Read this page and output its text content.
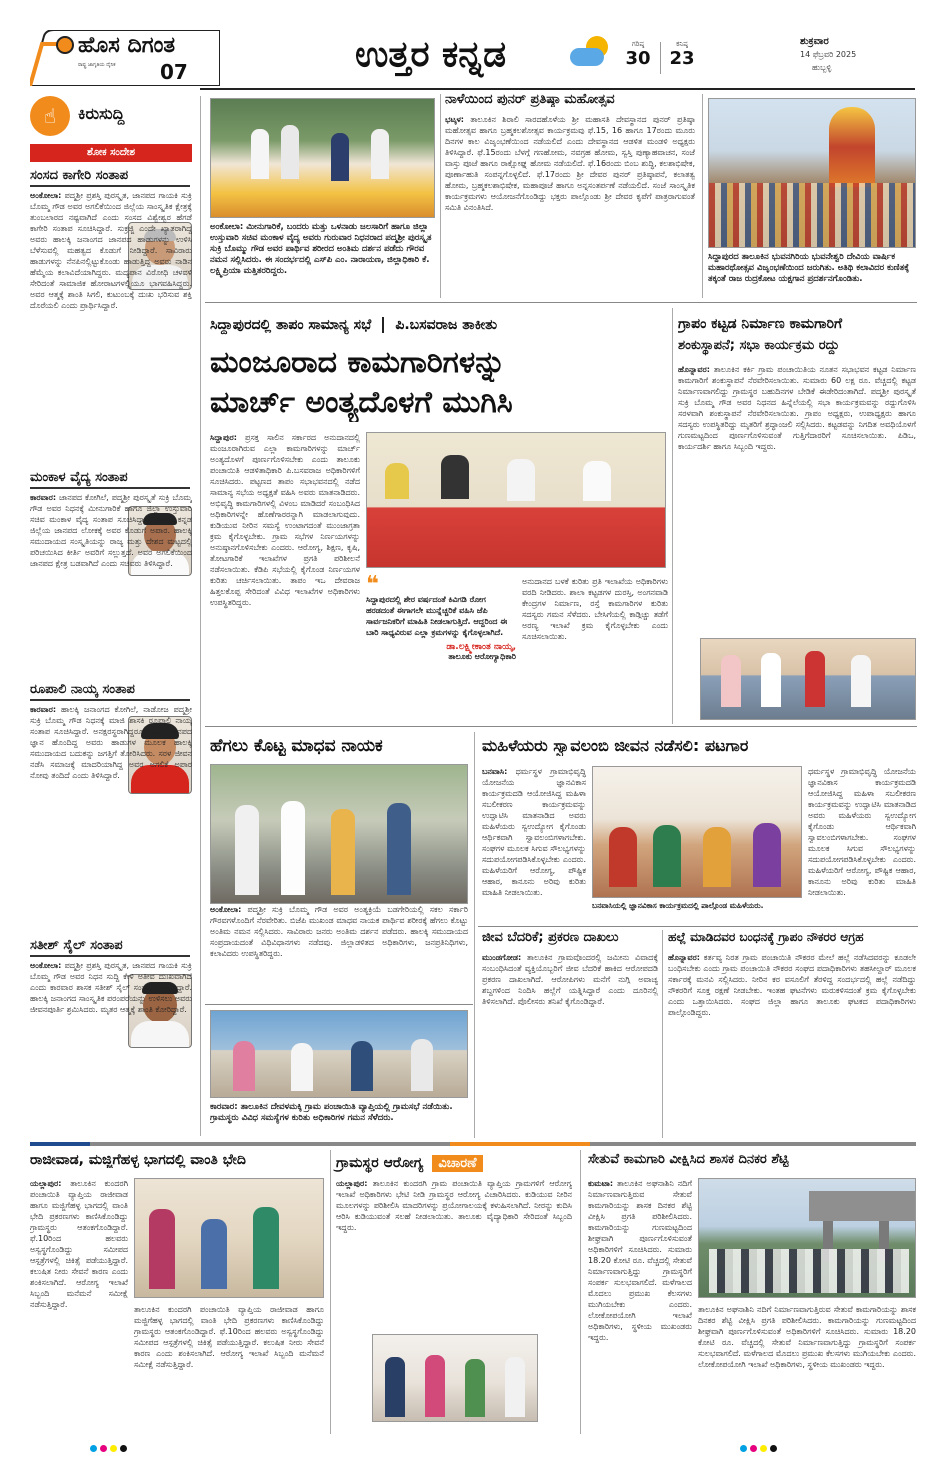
ಹೊಸ ದಿಗಂತ
ರಾಷ್ಟ್ರ ಜಾಗೃತಿಯ ದೈನಿಕ 07	ಉತ್ತರ ಕನ್ನಡ	ಗರಿಷ್ಠ
30
ಕನಿಷ್ಠ
23
ಶುಕ್ರವಾರ
14 ಫೆಬ್ರವರಿ 2025
ಹುಬ್ಬಳ್ಳಿ
☝	ಕಿರುಸುದ್ದಿ
ಶೋಕ ಸಂದೇಶ
ಸಂಸದ ಕಾಗೇರಿ ಸಂತಾಪ
ಅಂಕೋಲಾ: ಪದ್ಮಶ್ರೀ ಪ್ರಶಸ್ತಿ ಪುರಸ್ಕೃತ, ಜಾನಪದ ಗಾಯಕಿ ಸುಕ್ರಿ ಬೊಮ್ಮ ಗೌಡ ಅವರ ಅಗಲಿಕೆಯಿಂದ ಜಿಲ್ಲೆಯ ಸಾಂಸ್ಕೃತಿಕ ಕ್ಷೇತ್ರಕ್ಕೆ ತುಂಬಲಾರದ ನಷ್ಟವಾಗಿದೆ ಎಂದು ಸಂಸದ ವಿಶ್ವೇಶ್ವರ ಹೆಗಡೆ ಕಾಗೇರಿ ಸಂತಾಪ ಸೂಚಿಸಿದ್ದಾರೆ. ಸುಕ್ರಜ್ಜಿ ಎಂದೇ ಖ್ಯಾತರಾಗಿದ್ದ ಅವರು ಹಾಲಕ್ಕಿ ಜನಾಂಗದ ಜಾನಪದ ಹಾಡುಗಳನ್ನು ಉಳಿಸಿ ಬೆಳೆಸುವಲ್ಲಿ ಮಹತ್ವದ ಕೊಡುಗೆ ನೀಡಿದ್ದಾರೆ. ಸಾವಿರಾರು ಹಾಡುಗಳನ್ನು ನೆನಪಿನಲ್ಲಿಟ್ಟುಕೊಂಡು ಹಾಡುತ್ತಿದ್ದ ಅವರು ನಾಡಿನ ಹೆಮ್ಮೆಯ ಕಲಾವಿದೆಯಾಗಿದ್ದರು. ಮದ್ಯಪಾನ ವಿರೋಧಿ ಚಳವಳಿ ಸೇರಿದಂತೆ ಸಾಮಾಜಿಕ ಹೋರಾಟಗಳಲ್ಲಿಯೂ ಭಾಗವಹಿಸಿದ್ದರು. ಅವರ ಆತ್ಮಕ್ಕೆ ಶಾಂತಿ ಸಿಗಲಿ, ಕುಟುಂಬಕ್ಕೆ ದುಃಖ ಭರಿಸುವ ಶಕ್ತಿ ದೊರೆಯಲಿ ಎಂದು ಪ್ರಾರ್ಥಿಸಿದ್ದಾರೆ.
ಮಂಕಾಳ ವೈದ್ಯ ಸಂತಾಪ
ಕಾರವಾರ: ಜಾನಪದ ಕೋಗಿಲೆ, ಪದ್ಮಶ್ರೀ ಪುರಸ್ಕೃತೆ ಸುಕ್ರಿ ಬೊಮ್ಮ ಗೌಡ ಅವರ ನಿಧನಕ್ಕೆ ಮೀನುಗಾರಿಕೆ ಹಾಗೂ ಜಿಲ್ಲಾ ಉಸ್ತುವಾರಿ ಸಚಿವ ಮಂಕಾಳ ವೈದ್ಯ ಸಂತಾಪ ಸೂಚಿಸಿದ್ದಾರೆ. ಉತ್ತರ ಕನ್ನಡ ಜಿಲ್ಲೆಯ ಜಾನಪದ ಲೋಕಕ್ಕೆ ಅವರ ಕೊಡುಗೆ ಅಪಾರ. ಹಾಲಕ್ಕಿ ಸಮುದಾಯದ ಸಂಸ್ಕೃತಿಯನ್ನು ರಾಜ್ಯ ಮತ್ತು ದೇಶದ ಮಟ್ಟದಲ್ಲಿ ಪರಿಚಯಿಸಿದ ಕೀರ್ತಿ ಅವರಿಗೆ ಸಲ್ಲುತ್ತದೆ. ಅವರ ಅಗಲಿಕೆಯಿಂದ ಜಾನಪದ ಕ್ಷೇತ್ರ ಬಡವಾಗಿದೆ ಎಂದು ಸಚಿವರು ತಿಳಿಸಿದ್ದಾರೆ.
ರೂಪಾಲಿ ನಾಯ್ಕ ಸಂತಾಪ
ಕಾರವಾರ: ಹಾಲಕ್ಕಿ ಜನಾಂಗದ ಕೋಗಿಲೆ, ನಾಡೋಜ ಪದ್ಮಶ್ರೀ ಸುಕ್ರಿ ಬೊಮ್ಮ ಗೌಡ ನಿಧನಕ್ಕೆ ಮಾಜಿ ಶಾಸಕಿ ರೂಪಾಲಿ ನಾಯ್ಕ ಸಂತಾಪ ಸೂಚಿಸಿದ್ದಾರೆ. ಅನಕ್ಷರಸ್ಥರಾಗಿದ್ದರೂ ಅಪಾರ ಜಾನಪದ ಜ್ಞಾನ ಹೊಂದಿದ್ದ ಅವರು ಹಾಡುಗಳ ಮೂಲಕ ಹಾಲಕ್ಕಿ ಸಮುದಾಯದ ಬದುಕನ್ನು ಜಗತ್ತಿಗೆ ತೋರಿಸಿದರು. ಸರಳ ಜೀವನ ನಡೆಸಿ ಸಮಾಜಕ್ಕೆ ಮಾದರಿಯಾಗಿದ್ದ ಅವರ ಅಗಲಿಕೆ ಅಪಾರ ನೋವು ತಂದಿದೆ ಎಂದು ತಿಳಿಸಿದ್ದಾರೆ.
ಸತೀಶ್ ಸೈಲ್ ಸಂತಾಪ
ಅಂಕೋಲಾ: ಪದ್ಮಶ್ರೀ ಪ್ರಶಸ್ತಿ ಪುರಸ್ಕೃತ, ಜಾನಪದ ಗಾಯಕಿ ಸುಕ್ರಿ ಬೊಮ್ಮ ಗೌಡ ಅವರ ನಿಧನ ಸುದ್ದಿ ಕೇಳಿ ಅತೀವ ದುಃಖವಾಗಿದೆ ಎಂದು ಕಾರವಾರ ಶಾಸಕ ಸತೀಶ್ ಸೈಲ್ ಸಂತಾಪ ಸೂಚಿಸಿದ್ದಾರೆ. ಹಾಲಕ್ಕಿ ಜನಾಂಗದ ಸಾಂಸ್ಕೃತಿಕ ಪರಂಪರೆಯನ್ನು ಉಳಿಸಲು ಅವರು ಜೀವನಪೂರ್ತಿ ಶ್ರಮಿಸಿದರು. ಮೃತರ ಆತ್ಮಕ್ಕೆ ಶಾಂತಿ ಕೋರಿದ್ದಾರೆ.
ಅಂಕೋಲಾ: ಮೀನುಗಾರಿಕೆ, ಬಂದರು ಮತ್ತು ಒಳನಾಡು ಜಲಸಾರಿಗೆ ಹಾಗೂ ಜಿಲ್ಲಾ ಉಸ್ತುವಾರಿ ಸಚಿವ ಮಂಕಾಳ ವೈದ್ಯ ಅವರು ಗುರುವಾರ ನಿಧನರಾದ ಪದ್ಮಶ್ರೀ ಪುರಸ್ಕೃತ ಸುಕ್ರಿ ಬೊಮ್ಮು ಗೌಡ ಅವರ ಪಾರ್ಥಿವ ಶರೀರದ ಅಂತಿಮ ದರ್ಶನ ಪಡೆದು ಗೌರವ ನಮನ ಸಲ್ಲಿಸಿದರು. ಈ ಸಂದರ್ಭದಲ್ಲಿ ಎಸ್‌ಪಿ ಎಂ. ನಾರಾಯಣ, ಜಿಲ್ಲಾಧಿಕಾರಿ ಕೆ. ಲಕ್ಷ್ಮಿಪ್ರಿಯಾ ಮತ್ತಿತರರಿದ್ದರು.
ನಾಳೆಯಿಂದ ಪುನರ್ ಪ್ರತಿಷ್ಠಾ ಮಹೋತ್ಸವ
ಭಟ್ಕಳ: ತಾಲೂಕಿನ ಶಿರಾಲಿ ಸಾರದಹೊಳೆಯ ಶ್ರೀ ಮಹಾಸತಿ ದೇವಸ್ಥಾನದ ಪುನರ್ ಪ್ರತಿಷ್ಠಾ ಮಹೋತ್ಸವ ಹಾಗೂ ಬ್ರಹ್ಮಕಲಶೋತ್ಸವ ಕಾರ್ಯಕ್ರಮವು ಫೆ.15, 16 ಹಾಗೂ 17ರಂದು ಮೂರು ದಿನಗಳ ಕಾಲ ವಿಜೃಂಭಣೆಯಿಂದ ನಡೆಯಲಿದೆ ಎಂದು ದೇವಸ್ಥಾನದ ಆಡಳಿತ ಮಂಡಳಿ ಅಧ್ಯಕ್ಷರು ತಿಳಿಸಿದ್ದಾರೆ. ಫೆ.15ರಂದು ಬೆಳಗ್ಗೆ ಗಣಹೋಮ, ನವಗ್ರಹ ಹೋಮ, ಸ್ವಸ್ತಿ ಪುಣ್ಯಾಹವಾಚನ, ಸಂಜೆ ವಾಸ್ತು ಪೂಜೆ ಹಾಗೂ ರಾಕ್ಷೋಘ್ನ ಹೋಮ ನಡೆಯಲಿದೆ. ಫೆ.16ರಂದು ಬಿಂಬ ಶುದ್ಧಿ, ಕಲಶಾಭಿಷೇಕ, ಪೂರ್ಣಾಹುತಿ ಸಂಪನ್ನಗೊಳ್ಳಲಿದೆ. ಫೆ.17ರಂದು ಶ್ರೀ ದೇವರ ಪುನರ್ ಪ್ರತಿಷ್ಠಾಪನೆ, ಕಲಾತತ್ವ ಹೋಮ, ಬ್ರಹ್ಮಕಲಶಾಭಿಷೇಕ, ಮಹಾಪೂಜೆ ಹಾಗೂ ಅನ್ನಸಂತರ್ಪಣೆ ನಡೆಯಲಿದೆ. ಸಂಜೆ ಸಾಂಸ್ಕೃತಿಕ ಕಾರ್ಯಕ್ರಮಗಳು ಆಯೋಜನೆಗೊಂಡಿದ್ದು ಭಕ್ತರು ಪಾಲ್ಗೊಂಡು ಶ್ರೀ ದೇವರ ಕೃಪೆಗೆ ಪಾತ್ರರಾಗುವಂತೆ ಸಮಿತಿ ವಿನಂತಿಸಿದೆ.
ಸಿದ್ದಾಪುರದ ತಾಲೂಕಿನ ಭುವನಗಿರಿಯ ಭುವನೇಶ್ವರಿ ದೇವಿಯ ವಾರ್ಷಿಕ ಮಹಾರಥೋತ್ಸವ ವಿಜೃಂಭಣೆಯಿಂದ ಜರುಗಿತು. ಅತಿಥಿ ಕಲಾವಿದರ ಕುಣಿತಕ್ಕೆ ತಕ್ಕಂತೆ ರಾಜ ರುದ್ರಕೋಟ ಯಕ್ಷಗಾನ ಪ್ರದರ್ಶನಗೊಂಡಿತು.
ಸಿದ್ದಾಪುರದಲ್ಲಿ ತಾಪಂ ಸಾಮಾನ್ಯ ಸಭೆ ಪಿ.ಬಸವರಾಜ ತಾಕೀತು
ಮಂಜೂರಾದ ಕಾಮಗಾರಿಗಳನ್ನು
ಮಾರ್ಚ್ ಅಂತ್ಯದೊಳಗೆ ಮುಗಿಸಿ
ಸಿದ್ದಾಪುರ: ಪ್ರಸಕ್ತ ಸಾಲಿನ ಸರ್ಕಾರದ ಅನುದಾನದಲ್ಲಿ ಮಂಜೂರಾಗಿರುವ ಎಲ್ಲಾ ಕಾಮಗಾರಿಗಳನ್ನು ಮಾರ್ಚ್ ಅಂತ್ಯದೊಳಗೆ ಪೂರ್ಣಗೊಳಿಸಬೇಕು ಎಂದು ತಾಲೂಕು ಪಂಚಾಯಿತಿ ಆಡಳಿತಾಧಿಕಾರಿ ಪಿ.ಬಸವರಾಜ ಅಧಿಕಾರಿಗಳಿಗೆ ಸೂಚಿಸಿದರು. ಪಟ್ಟಣದ ತಾಪಂ ಸಭಾಭವನದಲ್ಲಿ ನಡೆದ ಸಾಮಾನ್ಯ ಸಭೆಯ ಅಧ್ಯಕ್ಷತೆ ವಹಿಸಿ ಅವರು ಮಾತನಾಡಿದರು. ಅಭಿವೃದ್ಧಿ ಕಾಮಗಾರಿಗಳಲ್ಲಿ ವಿಳಂಬ ಮಾಡಿದರೆ ಸಂಬಂಧಿಸಿದ ಅಧಿಕಾರಿಗಳನ್ನೇ ಹೊಣೆಗಾರರನ್ನಾಗಿ ಮಾಡಲಾಗುವುದು. ಕುಡಿಯುವ ನೀರಿನ ಸಮಸ್ಯೆ ಉಂಟಾಗದಂತೆ ಮುಂಜಾಗ್ರತಾ ಕ್ರಮ ಕೈಗೊಳ್ಳಬೇಕು. ಗ್ರಾಮ ಸಭೆಗಳ ನಿರ್ಣಯಗಳನ್ನು ಅನುಷ್ಠಾನಗೊಳಿಸಬೇಕು ಎಂದರು. ಆರೋಗ್ಯ, ಶಿಕ್ಷಣ, ಕೃಷಿ, ತೋಟಗಾರಿಕೆ ಇಲಾಖೆಗಳ ಪ್ರಗತಿ ಪರಿಶೀಲನೆ ನಡೆಸಲಾಯಿತು. ಕೆಡಿಪಿ ಸಭೆಯಲ್ಲಿ ಕೈಗೊಂಡ ನಿರ್ಣಯಗಳ ಕುರಿತು ಚರ್ಚಿಸಲಾಯಿತು. ತಾಪಂ ಇಒ ದೇವರಾಜ ಹಿತ್ತಲಕೊಪ್ಪ ಸೇರಿದಂತೆ ವಿವಿಧ ಇಲಾಖೆಗಳ ಅಧಿಕಾರಿಗಳು ಉಪಸ್ಥಿತರಿದ್ದರು.
❝
ಸಿದ್ದಾಪುರದಲ್ಲಿ ಶೇರ ವರ್ಷದಂತೆ ಕಿವಿಗಡಿ ರೋಗ ಹರಡದಂತೆ ಈಗಾಗಲೇ ಮುನ್ನೆಚ್ಚರಿಕೆ ವಹಿಸಿ ಜೆಪಿ ಸಾರ್ವಜನಿಕರಿಗೆ ಮಾಹಿತಿ ನೀಡಲಾಗುತ್ತಿದೆ. ಆದ್ದರಿಂದ ಈ ಬಾರಿ ಸಾಧ್ಯವಿರುವ ಎಲ್ಲಾ ಕ್ರಮಗಳನ್ನು ಕೈಗೊಳ್ಳಲಾಗಿದೆ.
ಡಾ.ಲಕ್ಷ್ಮೀಕಾಂತ ನಾಯ್ಕ,
ತಾಲೂಕು ಆರೋಗ್ಯಾಧಿಕಾರಿ
ಅನುದಾನದ ಬಳಕೆ ಕುರಿತು ಪ್ರತಿ ಇಲಾಖೆಯ ಅಧಿಕಾರಿಗಳು ವರದಿ ನೀಡಿದರು. ಶಾಲಾ ಕಟ್ಟಡಗಳ ದುರಸ್ತಿ, ಅಂಗನವಾಡಿ ಕೇಂದ್ರಗಳ ನಿರ್ಮಾಣ, ರಸ್ತೆ ಕಾಮಗಾರಿಗಳ ಕುರಿತು ಸದಸ್ಯರು ಗಮನ ಸೆಳೆದರು. ಬೇಸಿಗೆಯಲ್ಲಿ ಕಾಡ್ಗಿಚ್ಚು ತಡೆಗೆ ಅರಣ್ಯ ಇಲಾಖೆ ಕ್ರಮ ಕೈಗೊಳ್ಳಬೇಕು ಎಂದು ಸೂಚಿಸಲಾಯಿತು.
ಗ್ರಾಪಂ ಕಟ್ಟಡ ನಿರ್ಮಾಣ ಕಾಮಗಾರಿಗೆ
ಶಂಕುಸ್ಥಾಪನೆ; ಸಭಾ ಕಾರ್ಯಕ್ರಮ ರದ್ದು
ಹೊನ್ನಾವರ: ತಾಲೂಕಿನ ಕರ್ಕಿ ಗ್ರಾಮ ಪಂಚಾಯಿತಿಯ ನೂತನ ಸಭಾಭವನ ಕಟ್ಟಡ ನಿರ್ಮಾಣ ಕಾಮಗಾರಿಗೆ ಶಂಕುಸ್ಥಾಪನೆ ನೆರವೇರಿಸಲಾಯಿತು. ಸುಮಾರು 60 ಲಕ್ಷ ರೂ. ವೆಚ್ಚದಲ್ಲಿ ಕಟ್ಟಡ ನಿರ್ಮಾಣವಾಗಲಿದ್ದು ಗ್ರಾಮಸ್ಥರ ಬಹುದಿನಗಳ ಬೇಡಿಕೆ ಈಡೇರಿದಂತಾಗಿದೆ. ಪದ್ಮಶ್ರೀ ಪುರಸ್ಕೃತೆ ಸುಕ್ರಿ ಬೊಮ್ಮ ಗೌಡ ಅವರ ನಿಧನದ ಹಿನ್ನೆಲೆಯಲ್ಲಿ ಸಭಾ ಕಾರ್ಯಕ್ರಮವನ್ನು ರದ್ದುಗೊಳಿಸಿ ಸರಳವಾಗಿ ಶಂಕುಸ್ಥಾಪನೆ ನೆರವೇರಿಸಲಾಯಿತು. ಗ್ರಾಪಂ ಅಧ್ಯಕ್ಷರು, ಉಪಾಧ್ಯಕ್ಷರು ಹಾಗೂ ಸದಸ್ಯರು ಉಪಸ್ಥಿತರಿದ್ದು ಮೃತರಿಗೆ ಶ್ರದ್ಧಾಂಜಲಿ ಸಲ್ಲಿಸಿದರು. ಕಟ್ಟಡವನ್ನು ನಿಗದಿತ ಅವಧಿಯೊಳಗೆ ಗುಣಮಟ್ಟದಿಂದ ಪೂರ್ಣಗೊಳಿಸುವಂತೆ ಗುತ್ತಿಗೆದಾರರಿಗೆ ಸೂಚಿಸಲಾಯಿತು. ಪಿಡಿಒ, ಕಾರ್ಯದರ್ಶಿ ಹಾಗೂ ಸಿಬ್ಬಂದಿ ಇದ್ದರು.
ಹೆಗಲು ಕೊಟ್ಟ ಮಾಧವ ನಾಯಕ
ಅಂಕೋಲಾ: ಪದ್ಮಶ್ರೀ ಸುಕ್ರಿ ಬೊಮ್ಮ ಗೌಡ ಅವರ ಅಂತ್ಯಕ್ರಿಯೆ ಬಡಗೇರಿಯಲ್ಲಿ ಸಕಲ ಸರ್ಕಾರಿ ಗೌರವಗಳೊಂದಿಗೆ ನೆರವೇರಿತು. ಬಿಜೆಪಿ ಮುಖಂಡ ಮಾಧವ ನಾಯಕ ಪಾರ್ಥಿವ ಶರೀರಕ್ಕೆ ಹೆಗಲು ಕೊಟ್ಟು ಅಂತಿಮ ನಮನ ಸಲ್ಲಿಸಿದರು. ಸಾವಿರಾರು ಜನರು ಅಂತಿಮ ದರ್ಶನ ಪಡೆದರು. ಹಾಲಕ್ಕಿ ಸಮುದಾಯದ ಸಂಪ್ರದಾಯದಂತೆ ವಿಧಿವಿಧಾನಗಳು ನಡೆದವು. ಜಿಲ್ಲಾಡಳಿತದ ಅಧಿಕಾರಿಗಳು, ಜನಪ್ರತಿನಿಧಿಗಳು, ಕಲಾವಿದರು ಉಪಸ್ಥಿತರಿದ್ದರು.
ಮಹಿಳೆಯರು ಸ್ವಾವಲಂಬಿ ಜೀವನ ನಡೆಸಲಿ: ಪಟಗಾರ
ಬನವಾಸಿ: ಧರ್ಮಸ್ಥಳ ಗ್ರಾಮಾಭಿವೃದ್ಧಿ ಯೋಜನೆಯ ಜ್ಞಾನವಿಕಾಸ ಕಾರ್ಯಕ್ರಮದಡಿ ಆಯೋಜಿಸಿದ್ದ ಮಹಿಳಾ ಸಬಲೀಕರಣ ಕಾರ್ಯಕ್ರಮವನ್ನು ಉದ್ಘಾಟಿಸಿ ಮಾತನಾಡಿದ ಅವರು ಮಹಿಳೆಯರು ಸ್ವಉದ್ಯೋಗ ಕೈಗೊಂಡು ಆರ್ಥಿಕವಾಗಿ ಸ್ವಾವಲಂಬಿಗಳಾಗಬೇಕು. ಸಂಘಗಳ ಮೂಲಕ ಸಿಗುವ ಸೌಲಭ್ಯಗಳನ್ನು ಸದುಪಯೋಗಪಡಿಸಿಕೊಳ್ಳಬೇಕು ಎಂದರು. ಮಹಿಳೆಯರಿಗೆ ಆರೋಗ್ಯ, ಪೌಷ್ಟಿಕ ಆಹಾರ, ಕಾನೂನು ಅರಿವು ಕುರಿತು ಮಾಹಿತಿ ನೀಡಲಾಯಿತು.
ಬನವಾಸಿಯಲ್ಲಿ ಜ್ಞಾನವಿಕಾಸ ಕಾರ್ಯಕ್ರಮದಲ್ಲಿ ಪಾಲ್ಗೊಂಡ ಮಹಿಳೆಯರು.
ಧರ್ಮಸ್ಥಳ ಗ್ರಾಮಾಭಿವೃದ್ಧಿ ಯೋಜನೆಯ ಜ್ಞಾನವಿಕಾಸ ಕಾರ್ಯಕ್ರಮದಡಿ ಆಯೋಜಿಸಿದ್ದ ಮಹಿಳಾ ಸಬಲೀಕರಣ ಕಾರ್ಯಕ್ರಮವನ್ನು ಉದ್ಘಾಟಿಸಿ ಮಾತನಾಡಿದ ಅವರು ಮಹಿಳೆಯರು ಸ್ವಉದ್ಯೋಗ ಕೈಗೊಂಡು ಆರ್ಥಿಕವಾಗಿ ಸ್ವಾವಲಂಬಿಗಳಾಗಬೇಕು. ಸಂಘಗಳ ಮೂಲಕ ಸಿಗುವ ಸೌಲಭ್ಯಗಳನ್ನು ಸದುಪಯೋಗಪಡಿಸಿಕೊಳ್ಳಬೇಕು ಎಂದರು. ಮಹಿಳೆಯರಿಗೆ ಆರೋಗ್ಯ, ಪೌಷ್ಟಿಕ ಆಹಾರ, ಕಾನೂನು ಅರಿವು ಕುರಿತು ಮಾಹಿತಿ ನೀಡಲಾಯಿತು.
ಕಾರವಾರ: ತಾಲೂಕಿನ ದೇವಳಮಕ್ಕಿ ಗ್ರಾಮ ಪಂಚಾಯಿತಿ ವ್ಯಾಪ್ತಿಯಲ್ಲಿ ಗ್ರಾಮಸಭೆ ನಡೆಯಿತು. ಗ್ರಾಮಸ್ಥರು ವಿವಿಧ ಸಮಸ್ಯೆಗಳ ಕುರಿತು ಅಧಿಕಾರಿಗಳ ಗಮನ ಸೆಳೆದರು.
ಜೀವ ಬೆದರಿಕೆ; ಪ್ರಕರಣ ದಾಖಲು
ಮುಂಡಗೋಡ: ತಾಲೂಕಿನ ಗ್ರಾಮವೊಂದರಲ್ಲಿ ಜಮೀನು ವಿವಾದಕ್ಕೆ ಸಂಬಂಧಿಸಿದಂತೆ ವ್ಯಕ್ತಿಯೊಬ್ಬರಿಗೆ ಜೀವ ಬೆದರಿಕೆ ಹಾಕಿದ ಆರೋಪದಡಿ ಪ್ರಕರಣ ದಾಖಲಾಗಿದೆ. ಆರೋಪಿಗಳು ಮನೆಗೆ ನುಗ್ಗಿ ಅವಾಚ್ಯ ಶಬ್ದಗಳಿಂದ ನಿಂದಿಸಿ ಹಲ್ಲೆಗೆ ಯತ್ನಿಸಿದ್ದಾರೆ ಎಂದು ದೂರಿನಲ್ಲಿ ತಿಳಿಸಲಾಗಿದೆ. ಪೊಲೀಸರು ತನಿಖೆ ಕೈಗೊಂಡಿದ್ದಾರೆ.
ಹಲ್ಲೆ ಮಾಡಿದವರ ಬಂಧನಕ್ಕೆ ಗ್ರಾಪಂ ನೌಕರರ ಆಗ್ರಹ
ಹೊನ್ನಾವರ: ಕರ್ತವ್ಯ ನಿರತ ಗ್ರಾಮ ಪಂಚಾಯಿತಿ ನೌಕರರ ಮೇಲೆ ಹಲ್ಲೆ ನಡೆಸಿದವರನ್ನು ಕೂಡಲೇ ಬಂಧಿಸಬೇಕು ಎಂದು ಗ್ರಾಮ ಪಂಚಾಯಿತಿ ನೌಕರರ ಸಂಘದ ಪದಾಧಿಕಾರಿಗಳು ತಹಸೀಲ್ದಾರ್ ಮೂಲಕ ಸರ್ಕಾರಕ್ಕೆ ಮನವಿ ಸಲ್ಲಿಸಿದರು. ನೀರಿನ ಕರ ವಸೂಲಿಗೆ ತೆರಳಿದ್ದ ಸಂದರ್ಭದಲ್ಲಿ ಹಲ್ಲೆ ನಡೆದಿದ್ದು ನೌಕರರಿಗೆ ಸೂಕ್ತ ರಕ್ಷಣೆ ನೀಡಬೇಕು. ಇಂತಹ ಘಟನೆಗಳು ಮರುಕಳಿಸದಂತೆ ಕ್ರಮ ಕೈಗೊಳ್ಳಬೇಕು ಎಂದು ಒತ್ತಾಯಿಸಿದರು. ಸಂಘದ ಜಿಲ್ಲಾ ಹಾಗೂ ತಾಲೂಕು ಘಟಕದ ಪದಾಧಿಕಾರಿಗಳು ಪಾಲ್ಗೊಂಡಿದ್ದರು.
ರಾಜೀವಾಡ, ಮಜ್ಜಿಗೆಹಳ್ಳ ಭಾಗದಲ್ಲಿ ವಾಂತಿ ಭೇದಿ
ಯಲ್ಲಾಪುರ: ತಾಲೂಕಿನ ಕುಂದರಗಿ ಪಂಚಾಯಿತಿ ವ್ಯಾಪ್ತಿಯ ರಾಜೀವಾಡ ಹಾಗೂ ಮಜ್ಜಿಗೆಹಳ್ಳ ಭಾಗದಲ್ಲಿ ವಾಂತಿ ಭೇದಿ ಪ್ರಕರಣಗಳು ಕಾಣಿಸಿಕೊಂಡಿದ್ದು ಗ್ರಾಮಸ್ಥರು ಆತಂಕಗೊಂಡಿದ್ದಾರೆ. ಫೆ.10ರಿಂದ ಹಲವರು ಅಸ್ವಸ್ಥಗೊಂಡಿದ್ದು ಸಮೀಪದ ಆಸ್ಪತ್ರೆಗಳಲ್ಲಿ ಚಿಕಿತ್ಸೆ ಪಡೆಯುತ್ತಿದ್ದಾರೆ. ಕಲುಷಿತ ನೀರು ಸೇವನೆ ಕಾರಣ ಎಂದು ಶಂಕಿಸಲಾಗಿದೆ. ಆರೋಗ್ಯ ಇಲಾಖೆ ಸಿಬ್ಬಂದಿ ಮನೆಮನೆ ಸಮೀಕ್ಷೆ ನಡೆಸುತ್ತಿದ್ದಾರೆ.
ತಾಲೂಕಿನ ಕುಂದರಗಿ ಪಂಚಾಯಿತಿ ವ್ಯಾಪ್ತಿಯ ರಾಜೀವಾಡ ಹಾಗೂ ಮಜ್ಜಿಗೆಹಳ್ಳ ಭಾಗದಲ್ಲಿ ವಾಂತಿ ಭೇದಿ ಪ್ರಕರಣಗಳು ಕಾಣಿಸಿಕೊಂಡಿದ್ದು ಗ್ರಾಮಸ್ಥರು ಆತಂಕಗೊಂಡಿದ್ದಾರೆ. ಫೆ.10ರಿಂದ ಹಲವರು ಅಸ್ವಸ್ಥಗೊಂಡಿದ್ದು ಸಮೀಪದ ಆಸ್ಪತ್ರೆಗಳಲ್ಲಿ ಚಿಕಿತ್ಸೆ ಪಡೆಯುತ್ತಿದ್ದಾರೆ. ಕಲುಷಿತ ನೀರು ಸೇವನೆ ಕಾರಣ ಎಂದು ಶಂಕಿಸಲಾಗಿದೆ. ಆರೋಗ್ಯ ಇಲಾಖೆ ಸಿಬ್ಬಂದಿ ಮನೆಮನೆ ಸಮೀಕ್ಷೆ ನಡೆಸುತ್ತಿದ್ದಾರೆ.
ಗ್ರಾಮಸ್ಥರ ಆರೋಗ್ಯ ವಿಚಾರಣೆ
ಯಲ್ಲಾಪುರ: ತಾಲೂಕಿನ ಕುಂದರಗಿ ಗ್ರಾಮ ಪಂಚಾಯಿತಿ ವ್ಯಾಪ್ತಿಯ ಗ್ರಾಮಗಳಿಗೆ ಆರೋಗ್ಯ ಇಲಾಖೆ ಅಧಿಕಾರಿಗಳು ಭೇಟಿ ನೀಡಿ ಗ್ರಾಮಸ್ಥರ ಆರೋಗ್ಯ ವಿಚಾರಿಸಿದರು. ಕುಡಿಯುವ ನೀರಿನ ಮೂಲಗಳನ್ನು ಪರಿಶೀಲಿಸಿ ಮಾದರಿಗಳನ್ನು ಪ್ರಯೋಗಾಲಯಕ್ಕೆ ಕಳುಹಿಸಲಾಗಿದೆ. ನೀರನ್ನು ಕುದಿಸಿ ಆರಿಸಿ ಕುಡಿಯುವಂತೆ ಸಲಹೆ ನೀಡಲಾಯಿತು. ತಾಲೂಕು ವೈದ್ಯಾಧಿಕಾರಿ ಸೇರಿದಂತೆ ಸಿಬ್ಬಂದಿ ಇದ್ದರು.
ಸೇತುವೆ ಕಾಮಗಾರಿ ವೀಕ್ಷಿಸಿದ ಶಾಸಕ ದಿನಕರ ಶೆಟ್ಟಿ
ಕುಮಟಾ: ತಾಲೂಕಿನ ಅಘನಾಶಿನಿ ನದಿಗೆ ನಿರ್ಮಾಣವಾಗುತ್ತಿರುವ ಸೇತುವೆ ಕಾಮಗಾರಿಯನ್ನು ಶಾಸಕ ದಿನಕರ ಶೆಟ್ಟಿ ವೀಕ್ಷಿಸಿ ಪ್ರಗತಿ ಪರಿಶೀಲಿಸಿದರು. ಕಾಮಗಾರಿಯನ್ನು ಗುಣಮಟ್ಟದಿಂದ ಶೀಘ್ರವಾಗಿ ಪೂರ್ಣಗೊಳಿಸುವಂತೆ ಅಧಿಕಾರಿಗಳಿಗೆ ಸೂಚಿಸಿದರು. ಸುಮಾರು 18.20 ಕೋಟಿ ರೂ. ವೆಚ್ಚದಲ್ಲಿ ಸೇತುವೆ ನಿರ್ಮಾಣವಾಗುತ್ತಿದ್ದು ಗ್ರಾಮಸ್ಥರಿಗೆ ಸಂಪರ್ಕ ಸುಲಭವಾಗಲಿದೆ. ಮಳೆಗಾಲದ ಮೊದಲು ಪ್ರಮುಖ ಕೆಲಸಗಳು ಮುಗಿಯಬೇಕು ಎಂದರು. ಲೋಕೋಪಯೋಗಿ ಇಲಾಖೆ ಅಧಿಕಾರಿಗಳು, ಸ್ಥಳೀಯ ಮುಖಂಡರು ಇದ್ದರು.
ತಾಲೂಕಿನ ಅಘನಾಶಿನಿ ನದಿಗೆ ನಿರ್ಮಾಣವಾಗುತ್ತಿರುವ ಸೇತುವೆ ಕಾಮಗಾರಿಯನ್ನು ಶಾಸಕ ದಿನಕರ ಶೆಟ್ಟಿ ವೀಕ್ಷಿಸಿ ಪ್ರಗತಿ ಪರಿಶೀಲಿಸಿದರು. ಕಾಮಗಾರಿಯನ್ನು ಗುಣಮಟ್ಟದಿಂದ ಶೀಘ್ರವಾಗಿ ಪೂರ್ಣಗೊಳಿಸುವಂತೆ ಅಧಿಕಾರಿಗಳಿಗೆ ಸೂಚಿಸಿದರು. ಸುಮಾರು 18.20 ಕೋಟಿ ರೂ. ವೆಚ್ಚದಲ್ಲಿ ಸೇತುವೆ ನಿರ್ಮಾಣವಾಗುತ್ತಿದ್ದು ಗ್ರಾಮಸ್ಥರಿಗೆ ಸಂಪರ್ಕ ಸುಲಭವಾಗಲಿದೆ. ಮಳೆಗಾಲದ ಮೊದಲು ಪ್ರಮುಖ ಕೆಲಸಗಳು ಮುಗಿಯಬೇಕು ಎಂದರು. ಲೋಕೋಪಯೋಗಿ ಇಲಾಖೆ ಅಧಿಕಾರಿಗಳು, ಸ್ಥಳೀಯ ಮುಖಂಡರು ಇದ್ದರು.
